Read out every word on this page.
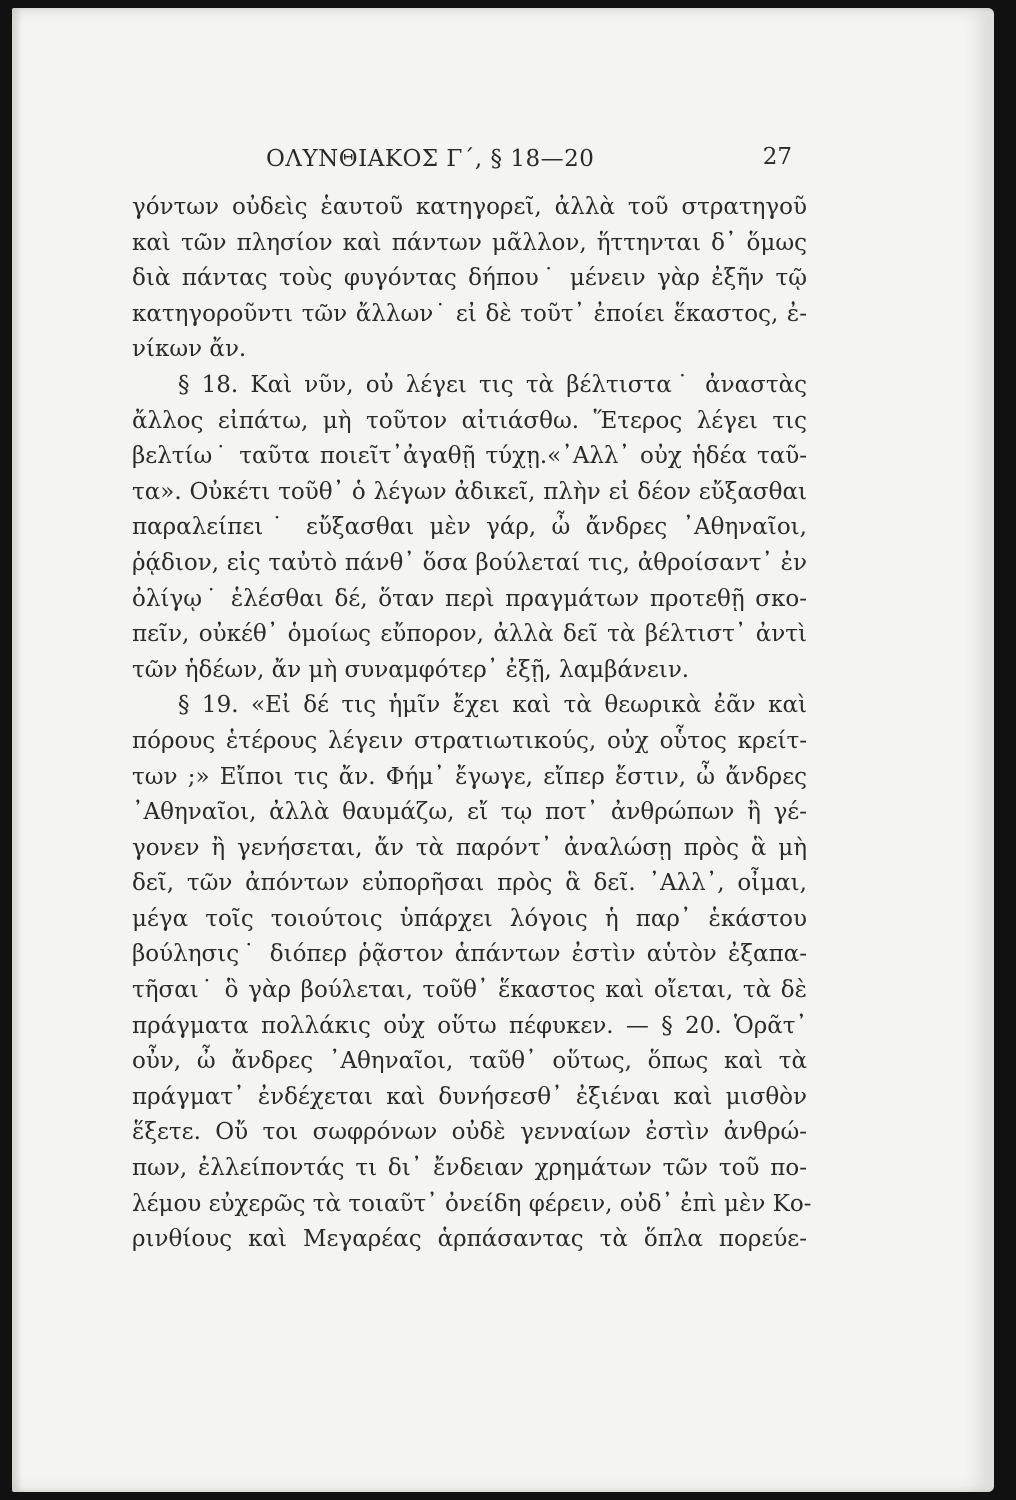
ΟΛΥΝΘΙΑΚΟΣ Γ΄, § 18—20	27
γόντων οὐδεὶς ἑαυτοῦ κατηγορεῖ, ἀλλὰ τοῦ στρατηγοῦ
καὶ τῶν πλησίον καὶ πάντων μᾶλλον, ἥττηνται δ᾽ ὅμως
διὰ πάντας τοὺς φυγόντας δήπου˙ μένειν γὰρ ἐξῆν τῷ
κατηγοροῦντι τῶν ἄλλων˙ εἰ δὲ τοῦτ᾽ ἐποίει ἕκαστος, ἐ-
νίκων ἄν.
§ 18. Καὶ νῦν, οὐ λέγει τις τὰ βέλτιστα˙ ἀναστὰς
ἄλλος εἰπάτω, μὴ τοῦτον αἰτιάσθω. Ἕτερος λέγει τις
βελτίω˙ ταῦτα ποιεῖτ᾽ἀγαθῇ τύχῃ.«᾽Αλλ᾽ οὐχ ἡδέα ταῦ-
τα». Οὐκέτι τοῦθ᾽ ὁ λέγων ἀδικεῖ, πλὴν εἰ δέον εὔξασθαι
παραλείπει˙ εὔξασθαι μὲν γάρ, ὦ ἄνδρες ᾽Αθηναῖοι,
ῥᾴδιον, εἰς ταὐτὸ πάνθ᾽ ὅσα βούλεταί τις, ἀθροίσαντ᾽ ἐν
ὀλίγῳ˙ ἑλέσθαι δέ, ὅταν περὶ πραγμάτων προτεθῇ σκο-
πεῖν, οὐκέθ᾽ ὁμοίως εὔπορον, ἀλλὰ δεῖ τὰ βέλτιστ᾽ ἀντὶ
τῶν ἡδέων, ἄν μὴ συναμφότερ᾽ ἐξῇ, λαμβάνειν.
§ 19. «Εἰ δέ τις ἡμῖν ἔχει καὶ τὰ θεωρικὰ ἐᾶν καὶ
πόρους ἑτέρους λέγειν στρατιωτικούς, οὐχ οὗτος κρείτ-
των ;» Εἴποι τις ἄν. Φήμ᾽ ἔγωγε, εἴπερ ἔστιν, ὦ ἄνδρες
᾽Αθηναῖοι, ἀλλὰ θαυμάζω, εἴ τῳ ποτ᾽ ἀνθρώπων ἢ γέ-
γονεν ἢ γενήσεται, ἄν τὰ παρόντ᾽ ἀναλώσῃ πρὸς ἃ μὴ
δεῖ, τῶν ἀπόντων εὐπορῆσαι πρὸς ἃ δεῖ. ᾽Αλλ᾽, οἶμαι,
μέγα τοῖς τοιούτοις ὑπάρχει λόγοις ἡ παρ᾽ ἑκάστου
βούλησις˙ διόπερ ῥᾷστον ἁπάντων ἐστὶν αὑτὸν ἐξαπα-
τῆσαι˙ ὃ γὰρ βούλεται, τοῦθ᾽ ἕκαστος καὶ οἴεται, τὰ δὲ
πράγματα πολλάκις οὐχ οὕτω πέφυκεν. — § 20. Ὁρᾶτ᾽
οὖν, ὦ ἄνδρες ᾽Αθηναῖοι, ταῦθ᾽ οὕτως, ὅπως καὶ τὰ
πράγματ᾽ ἐνδέχεται καὶ δυνήσεσθ᾽ ἐξιέναι καὶ μισθὸν
ἕξετε. Οὔ τοι σωφρόνων οὐδὲ γενναίων ἐστὶν ἀνθρώ-
πων, ἐλλείποντάς τι δι᾽ ἔνδειαν χρημάτων τῶν τοῦ πο-
λέμου εὐχερῶς τὰ τοιαῦτ᾽ ὀνείδη φέρειν, οὐδ᾽ ἐπὶ μὲν Κο-
ρινθίους καὶ Μεγαρέας ἁρπάσαντας τὰ ὅπλα πορεύε-
